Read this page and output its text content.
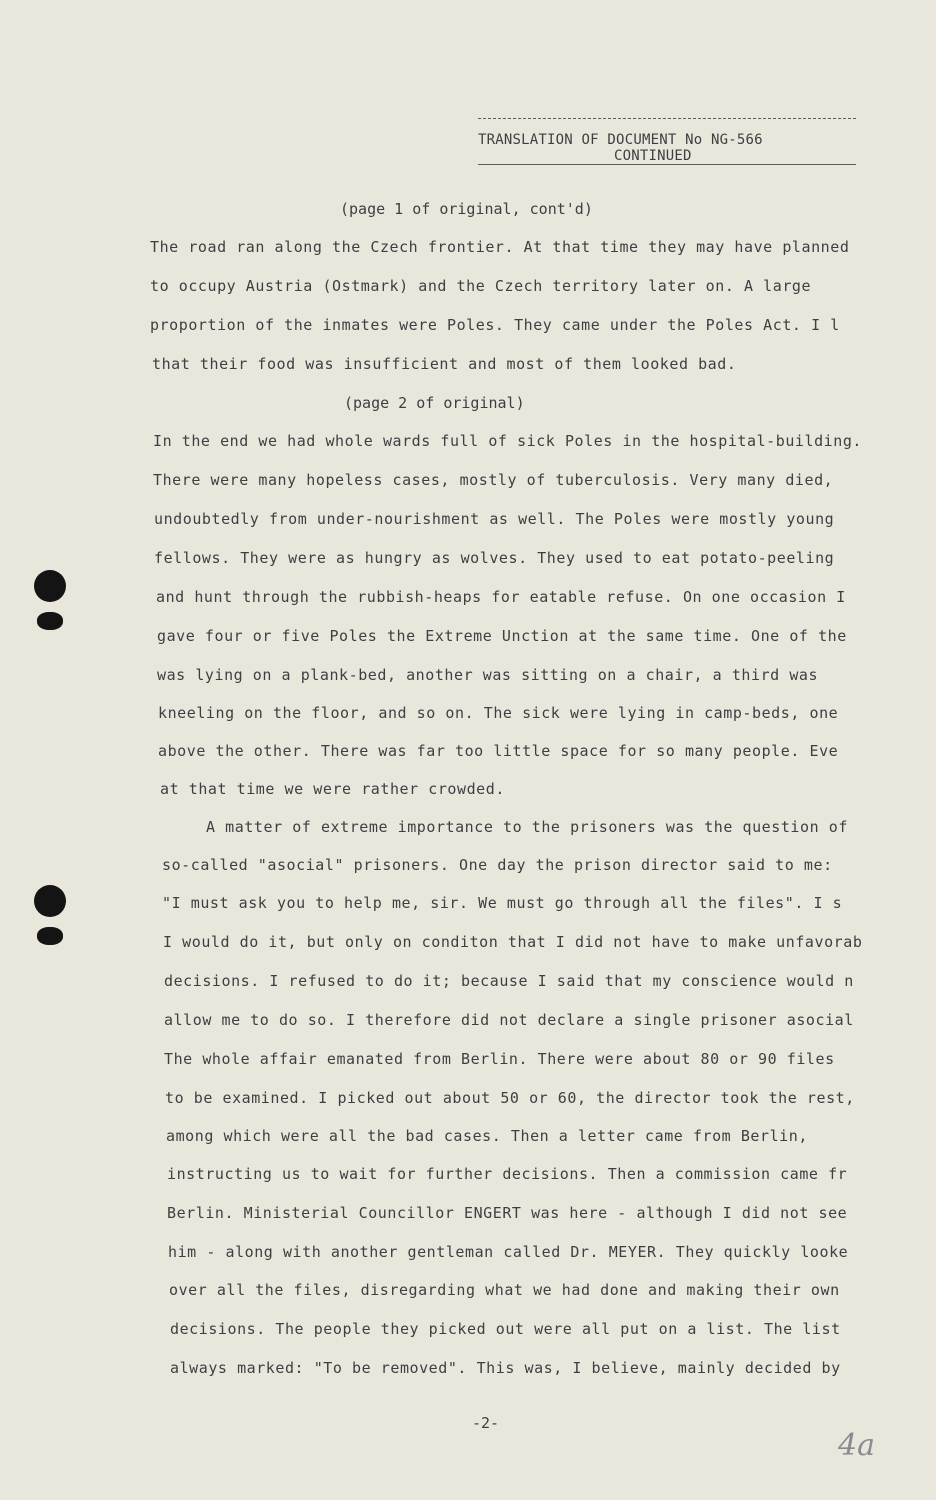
TRANSLATION OF DOCUMENT No NG-566
CONTINUED
(page 1 of original, cont'd)
The road ran along the Czech frontier. At that time they may have planned
to occupy Austria (Ostmark) and the Czech territory later on. A large
proportion of the inmates were Poles. They came under the Poles Act. I l
that their food was insufficient and most of them looked bad.
(page 2 of original)
In the end we had whole wards full of sick Poles in the hospital-building.
There were many hopeless cases, mostly of tuberculosis. Very many died,
undoubtedly from under-nourishment as well. The Poles were mostly young
fellows. They were as hungry as wolves. They used to eat potato-peeling
and hunt through the rubbish-heaps for eatable refuse. On one occasion I
gave four or five Poles the Extreme Unction at the same time. One of the
was lying on a plank-bed, another was sitting on a chair, a third was
kneeling on the floor, and so on. The sick were lying in camp-beds, one
above the other. There was far too little space for so many people. Eve
at that time we were rather crowded.
A matter of extreme importance to the prisoners was the question of
so-called "asocial" prisoners. One day the prison director said to me:
"I must ask you to help me, sir. We must go through all the files". I s
I would do it, but only on conditon that I did not have to make unfavorab
decisions. I refused to do it; because I said that my conscience would n
allow me to do so. I therefore did not declare a single prisoner asocial
The whole affair emanated from Berlin. There were about 80 or 90 files
to be examined. I picked out about 50 or 60, the director took the rest,
among which were all the bad cases. Then a letter came from Berlin,
instructing us to wait for further decisions. Then a commission came fr
Berlin. Ministerial Councillor ENGERT was here - although I did not see
him - along with another gentleman called Dr. MEYER. They quickly looke
over all the files, disregarding what we had done and making their own
decisions. The people they picked out were all put on a list. The list
always marked: "To be removed". This was, I believe, mainly decided by
-2-
4a
